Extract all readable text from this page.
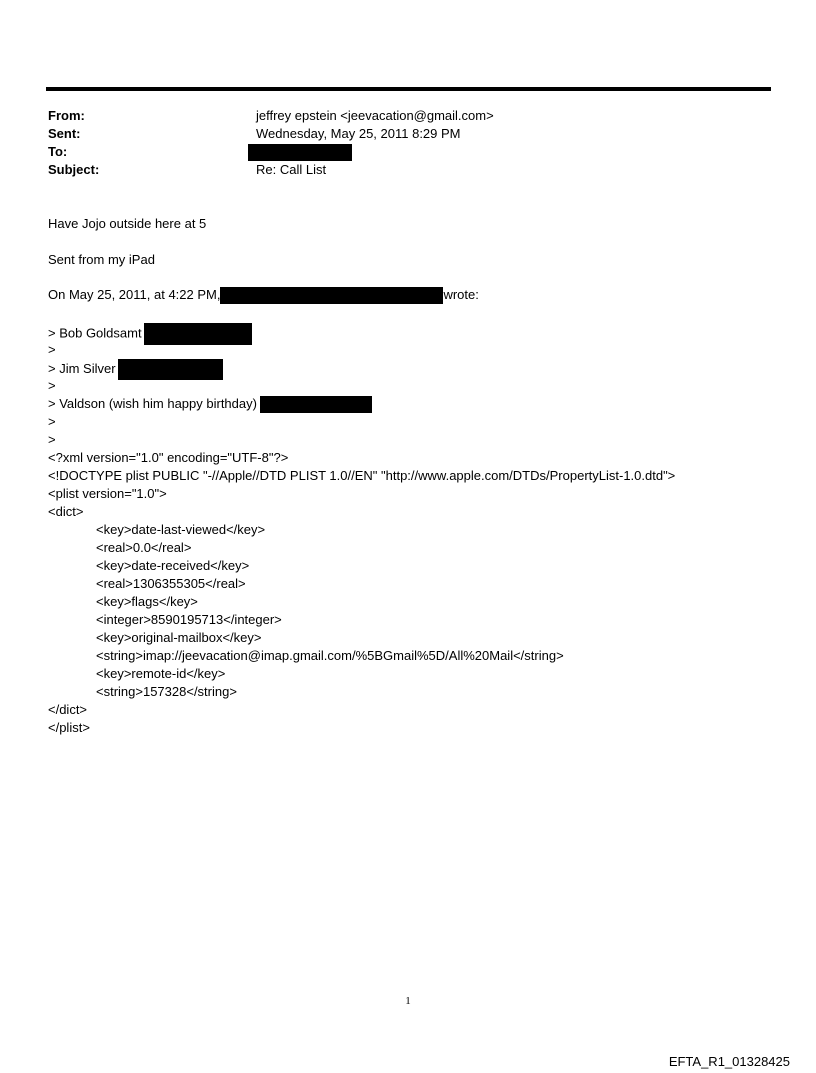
From:	jeffrey epstein <jeevacation@gmail.com>
Sent:	Wednesday, May 25, 2011 8:29 PM
To:
Subject:	Re: Call List
Have Jojo outside here at 5
Sent from my iPad
On May 25, 2011, at 4:22 PM,	wrote:
> Bob Goldsamt
>
> Jim Silver
>
> Valdson (wish him happy birthday)
>
>
<?xml version="1.0" encoding="UTF-8"?>
<!DOCTYPE plist PUBLIC "-//Apple//DTD PLIST 1.0//EN" "http://www.apple.com/DTDs/PropertyList-1.0.dtd">
<plist version="1.0">
<dict>
<key>date-last-viewed</key>
<real>0.0</real>
<key>date-received</key>
<real>1306355305</real>
<key>flags</key>
<integer>8590195713</integer>
<key>original-mailbox</key>
<string>imap://jeevacation@imap.gmail.com/%5BGmail%5D/All%20Mail</string>
<key>remote-id</key>
<string>157328</string>
</dict>
</plist>
1
EFTA_R1_01328425
